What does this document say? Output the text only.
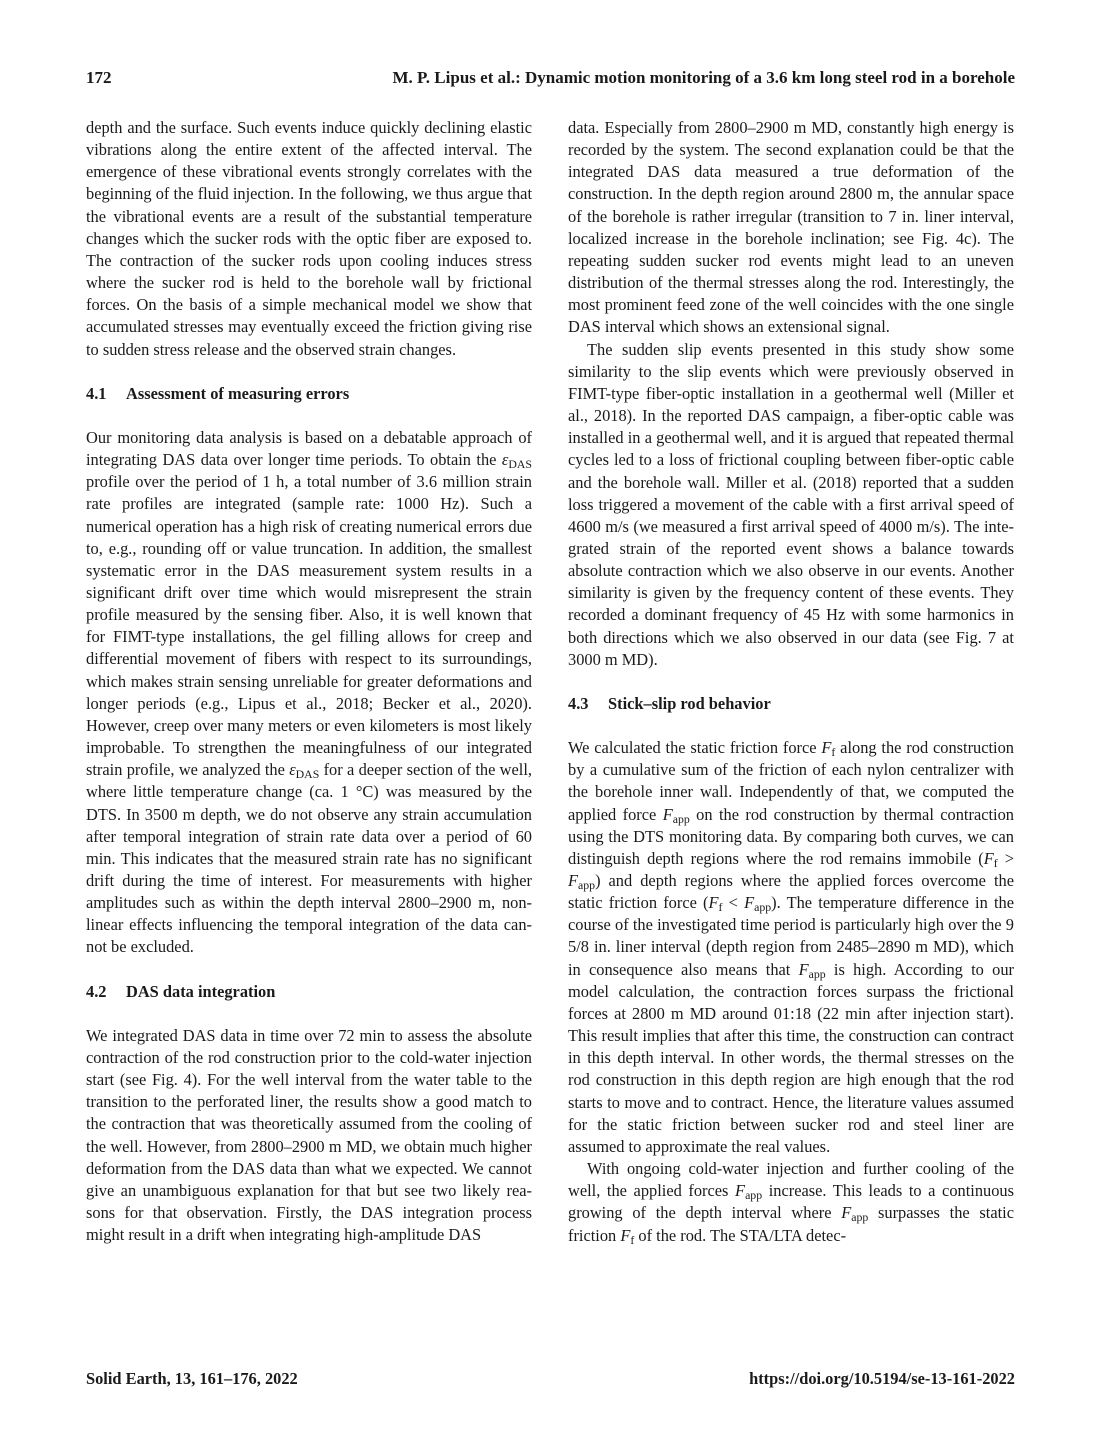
172	M. P. Lipus et al.: Dynamic motion monitoring of a 3.6 km long steel rod in a borehole

depth and the surface. Such events induce quickly declining elastic vibrations along the entire extent of the affected interval. The emergence of these vibrational events strongly correlates with the beginning of the fluid injection. In the following, we thus argue that the vibrational events are a result of the substantial temperature changes which the sucker rods with the optic fiber are exposed to. The contraction of the sucker rods upon cooling induces stress where the sucker rod is held to the borehole wall by frictional forces. On the basis of a simple mechanical model we show that accumulated stresses may eventually exceed the friction giving rise to sudden stress release and the observed strain changes.

4.1 Assessment of measuring errors

Our monitoring data analysis is based on a debatable approach of integrating DAS data over longer time periods. To obtain the $\varepsilon_{DAS}$ profile over the period of 1 h, a total number of 3.6 million strain rate profiles are integrated (sample rate: 1000 Hz). Such a numerical operation has a high risk of creating numerical errors due to, e.g., rounding off or value truncation. In addition, the smallest systematic error in the DAS measurement system results in a significant drift over time which would misrepresent the strain profile measured by the sensing fiber. Also, it is well known that for FIMT-type installations, the gel filling allows for creep and differential movement of fibers with respect to its surroundings, which makes strain sensing unreliable for greater deformations and longer periods (e.g., Lipus et al., 2018; Becker et al., 2020). However, creep over many meters or even kilometers is most likely improbable. To strengthen the meaningfulness of our integrated strain profile, we analyzed the $\varepsilon_{DAS}$ for a deeper section of the well, where little temperature change (ca. 1 °C) was measured by the DTS. In 3500 m depth, we do not observe any strain accumulation after temporal integration of strain rate data over a period of 60 min. This indicates that the measured strain rate has no significant drift during the time of interest. For measurements with higher amplitudes such as within the depth interval 2800–2900 m, non-linear effects influencing the temporal integration of the data cannot be excluded.

4.2 DAS data integration

We integrated DAS data in time over 72 min to assess the absolute contraction of the rod construction prior to the cold-water injection start (see Fig. 4). For the well interval from the water table to the transition to the perforated liner, the results show a good match to the contraction that was theoretically assumed from the cooling of the well. However, from 2800–2900 m MD, we obtain much higher deformation from the DAS data than what we expected. We cannot give an unambiguous explanation for that but see two likely reasons for that observation. Firstly, the DAS integration process might result in a drift when integrating high-amplitude DAS

data. Especially from 2800–2900 m MD, constantly high energy is recorded by the system. The second explanation could be that the integrated DAS data measured a true deformation of the construction. In the depth region around 2800 m, the annular space of the borehole is rather irregular (transition to 7 in. liner interval, localized increase in the borehole inclination; see Fig. 4c). The repeating sudden sucker rod events might lead to an uneven distribution of the thermal stresses along the rod. Interestingly, the most prominent feed zone of the well coincides with the one single DAS interval which shows an extensional signal.

The sudden slip events presented in this study show some similarity to the slip events which were previously observed in FIMT-type fiber-optic installation in a geothermal well (Miller et al., 2018). In the reported DAS campaign, a fiber-optic cable was installed in a geothermal well, and it is argued that repeated thermal cycles led to a loss of frictional coupling between fiber-optic cable and the borehole wall. Miller et al. (2018) reported that a sudden loss triggered a movement of the cable with a first arrival speed of 4600 m/s (we measured a first arrival speed of 4000 m/s). The integrated strain of the reported event shows a balance towards absolute contraction which we also observe in our events. Another similarity is given by the frequency content of these events. They recorded a dominant frequency of 45 Hz with some harmonics in both directions which we also observed in our data (see Fig. 7 at 3000 m MD).

4.3 Stick–slip rod behavior

We calculated the static friction force $F_f$ along the rod construction by a cumulative sum of the friction of each nylon centralizer with the borehole inner wall. Independently of that, we computed the applied force $F_{app}$ on the rod construction by thermal contraction using the DTS monitoring data. By comparing both curves, we can distinguish depth regions where the rod remains immobile $(F_f > F_{app})$ and depth regions where the applied forces overcome the static friction force $(F_f < F_{app})$. The temperature difference in the course of the investigated time period is particularly high over the 9 5/8 in. liner interval (depth region from 2485–2890 m MD), which in consequence also means that $F_{app}$ is high. According to our model calculation, the contraction forces surpass the frictional forces at 2800 m MD around 01:18 (22 min after injection start). This result implies that after this time, the construction can contract in this depth interval. In other words, the thermal stresses on the rod construction in this depth region are high enough that the rod starts to move and to contract. Hence, the literature values assumed for the static friction between sucker rod and steel liner are assumed to approximate the real values.

With ongoing cold-water injection and further cooling of the well, the applied forces $F_{app}$ increase. This leads to a continuous growing of the depth interval where $F_{app}$ surpasses the static friction $F_f$ of the rod. The STA/LTA detec-

Solid Earth, 13, 161–176, 2022	https://doi.org/10.5194/se-13-161-2022
